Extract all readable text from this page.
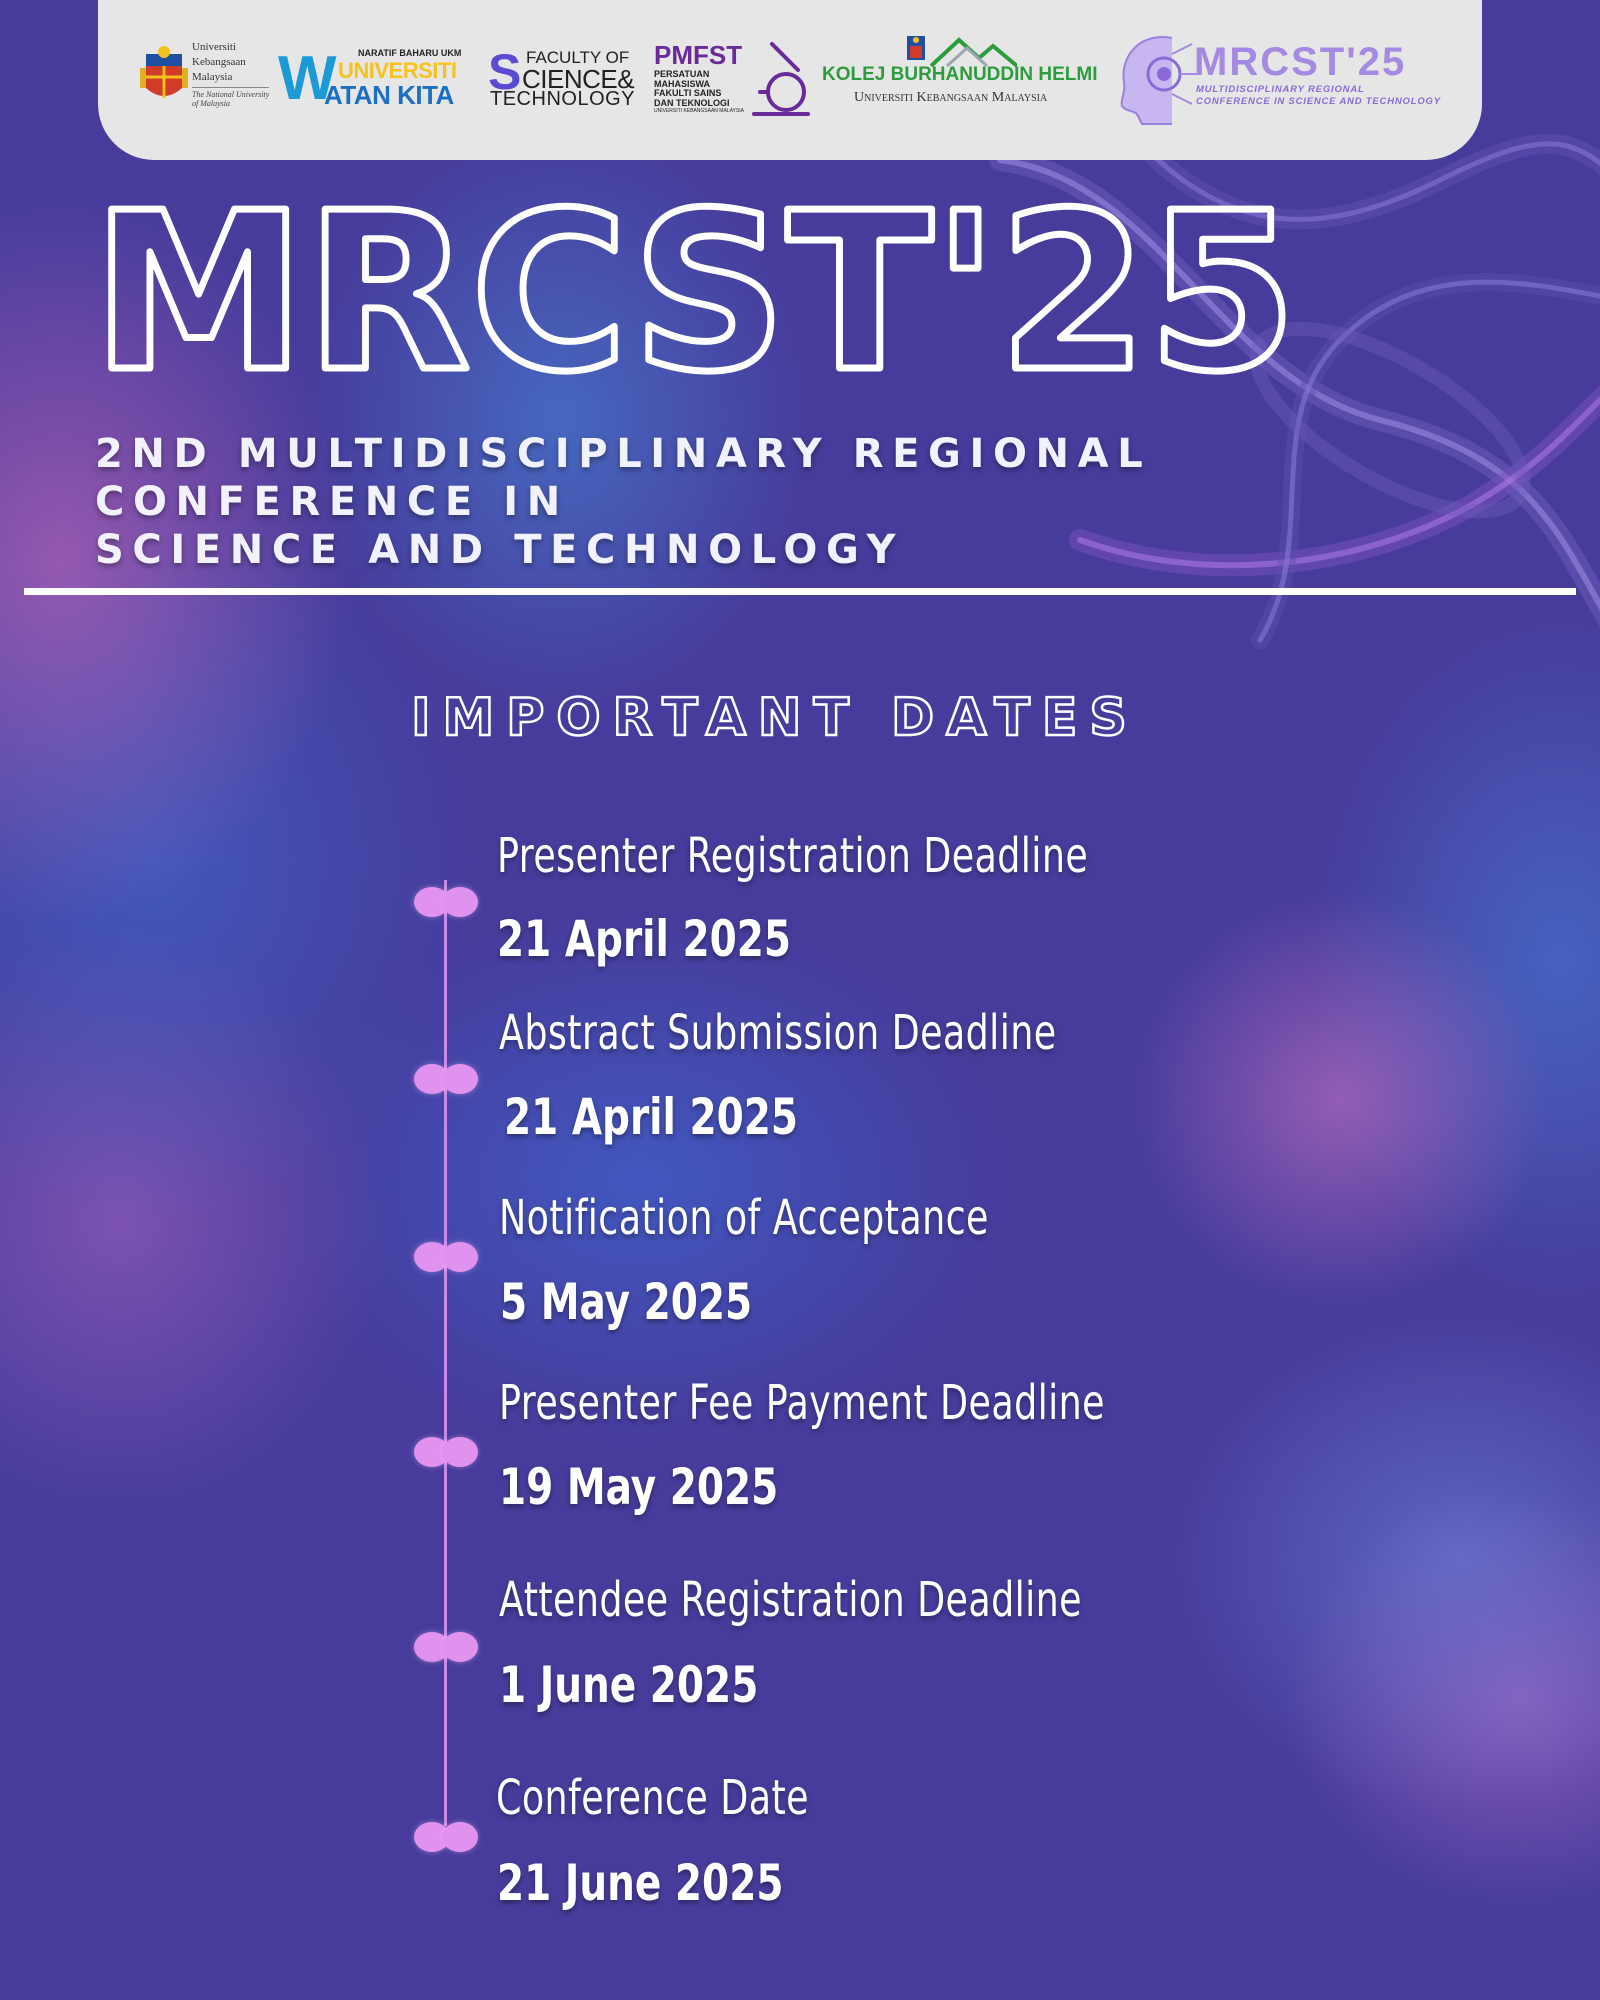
Universiti
Kebangsaan
Malaysia
The National University
of Malaysia W	NARATIF BAHARU UKM
UNIVERSITI
ATAN KITA S FACULTY OF
CIENCE&
TECHNOLOGY
PMFST
PERSATUAN
MAHASISWA
FAKULTI SAINS
DAN TEKNOLOGI
UNIVERSITI KEBANGSAAN MALAYSIA
KOLEJ BURHANUDDIN HELMI
Universiti Kebangsaan Malaysia
MRCST'25
MULTIDISCIPLINARY REGIONAL
CONFERENCE IN SCIENCE AND TECHNOLOGY
MRCST'25
2ND MULTIDISCIPLINARY REGIONAL CONFERENCE IN
SCIENCE AND TECHNOLOGY
IMPORTANT DATES
Presenter Registration Deadline
21 April 2025
Abstract Submission Deadline
21 April 2025
Notification of Acceptance
5 May 2025
Presenter Fee Payment Deadline
19 May 2025
Attendee Registration Deadline
1 June 2025
Conference Date
21 June 2025
